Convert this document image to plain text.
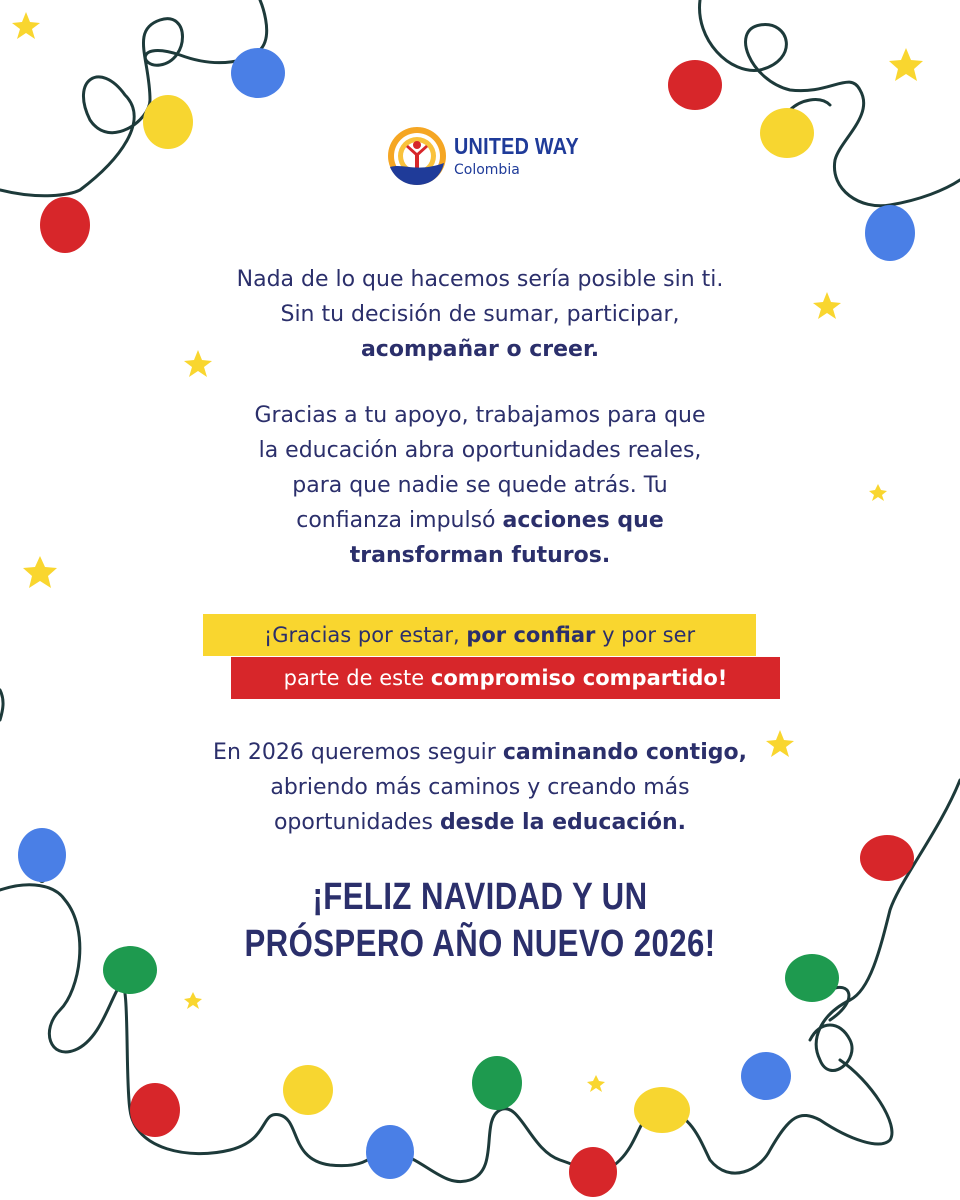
UNITED WAY
Colombia
Nada de lo que hacemos sería posible sin ti.
Sin tu decisión de sumar, participar,
acompañar o creer.
Gracias a tu apoyo, trabajamos para que
la educación abra oportunidades reales,
para que nadie se quede atrás. Tu
confianza impulsó acciones que
transforman futuros.
¡Gracias por estar, por confiar y por ser
parte de este compromiso compartido!
En 2026 queremos seguir caminando contigo,
abriendo más caminos y creando más
oportunidades desde la educación.
¡FELIZ NAVIDAD Y UN
PRÓSPERO AÑO NUEVO 2026!
